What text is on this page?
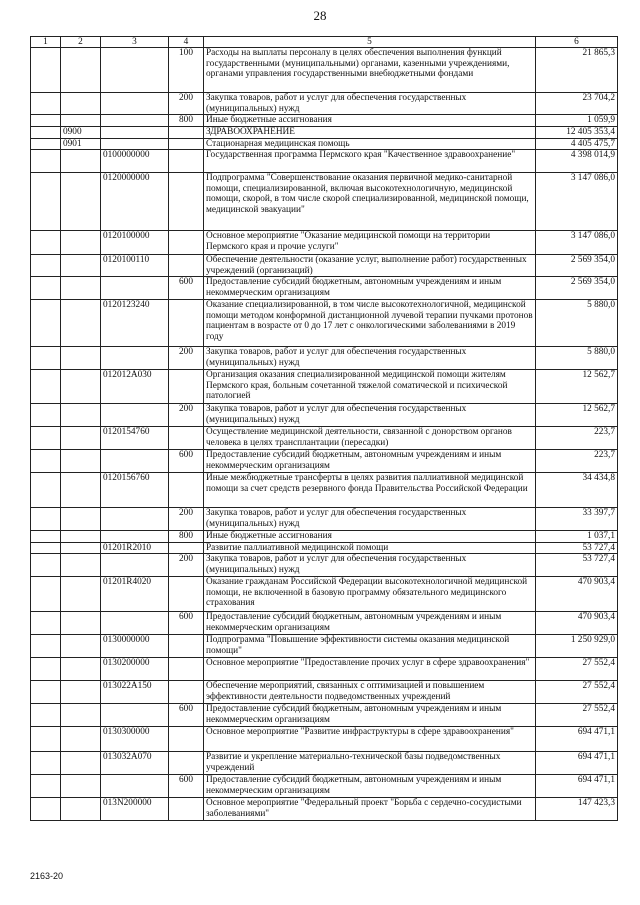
28
1	2	3	4	5	6
			100	Расходы на выплаты персоналу в целях обеспечения выполнения функций государственными (муниципальными) органами, казенными учреждениями, органами управления государственными внебюджетными фондами	21 865,3
			200	Закупка товаров, работ и услуг для обеспечения государственных (муниципальных) нужд	23 704,2
			800	Иные бюджетные ассигнования	1 059,9
	0900			ЗДРАВООХРАНЕНИЕ	12 405 353,4
	0901			Стационарная медицинская помощь	4 405 475,7
		0100000000		Государственная программа Пермского края "Качественное здравоохранение"	4 398 014,9
		0120000000		Подпрограмма "Совершенствование оказания первичной медико-санитарной помощи, специализированной, включая высокотехнологичную, медицинской помощи, скорой, в том числе скорой специализированной, медицинской помощи, медицинской эвакуации"	3 147 086,0
		0120100000		Основное мероприятие "Оказание медицинской помощи на территории Пермского края и прочие услуги"	3 147 086,0
		0120100110		Обеспечение деятельности (оказание услуг, выполнение работ) государственных учреждений (организаций)	2 569 354,0
			600	Предоставление субсидий бюджетным, автономным учреждениям и иным некоммерческим организациям	2 569 354,0
		0120123240		Оказание специализированной, в том числе высокотехнологичной, медицинской помощи методом конформной дистанционной лучевой терапии пучками протонов пациентам в возрасте от 0 до 17 лет с онкологическими заболеваниями в 2019 году	5 880,0
			200	Закупка товаров, работ и услуг для обеспечения государственных (муниципальных) нужд	5 880,0
		012012А030		Организация оказания специализированной медицинской помощи жителям Пермского края, больным сочетанной тяжелой соматической и психической патологией	12 562,7
			200	Закупка товаров, работ и услуг для обеспечения государственных (муниципальных) нужд	12 562,7
		0120154760		Осуществление медицинской деятельности, связанной с донорством органов человека в целях трансплантации (пересадки)	223,7
			600	Предоставление субсидий бюджетным, автономным учреждениям и иным некоммерческим организациям	223,7
		0120156760		Иные межбюджетные трансферты в целях развития паллиативной медицинской помощи за счет средств резервного фонда Правительства Российской Федерации	34 434,8
			200	Закупка товаров, работ и услуг для обеспечения государственных (муниципальных) нужд	33 397,7
			800	Иные бюджетные ассигнования	1 037,1
		01201R2010		Развитие паллиативной медицинской помощи	53 727,4
			200	Закупка товаров, работ и услуг для обеспечения государственных (муниципальных) нужд	53 727,4
		01201R4020		Оказание гражданам Российской Федерации высокотехнологичной медицинской помощи, не включенной в базовую программу обязательного медицинского страхования	470 903,4
			600	Предоставление субсидий бюджетным, автономным учреждениям и иным некоммерческим организациям	470 903,4
		0130000000		Подпрограмма "Повышение эффективности системы оказания медицинской помощи"	1 250 929,0
		0130200000		Основное мероприятие "Предоставление прочих услуг в сфере здравоохранения"	27 552,4
		013022А150		Обеспечение мероприятий, связанных с оптимизацией и повышением эффективности деятельности подведомственных учреждений	27 552,4
			600	Предоставление субсидий бюджетным, автономным учреждениям и иным некоммерческим организациям	27 552,4
		0130300000		Основное мероприятие "Развитие инфраструктуры в сфере здравоохранения"	694 471,1
		013032А070		Развитие и укрепление материально-технической базы подведомственных учреждений	694 471,1
			600	Предоставление субсидий бюджетным, автономным учреждениям и иным некоммерческим организациям	694 471,1
		013N200000		Основное мероприятие "Федеральный проект "Борьба с сердечно-сосудистыми заболеваниями"	147 423,3
2163-20
